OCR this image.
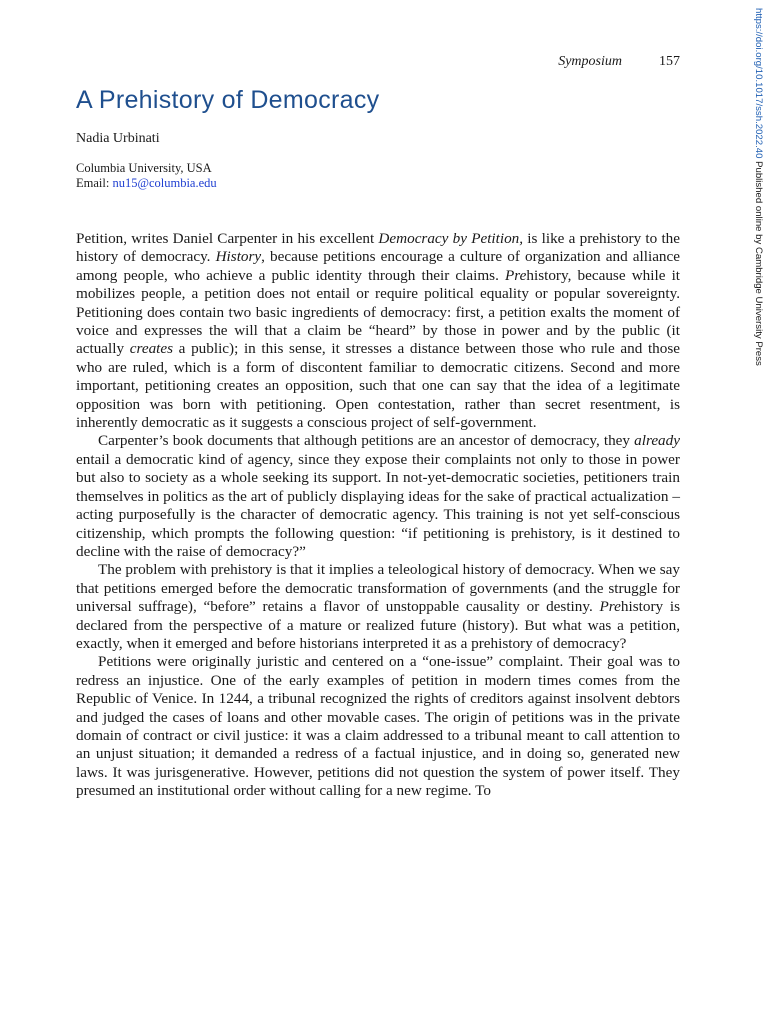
https://doi.org/10.1017/ssh.2022.40 Published online by Cambridge University Press
Symposium	157
A Prehistory of Democracy
Nadia Urbinati
Columbia University, USA
Email: nu15@columbia.edu

Petition, writes Daniel Carpenter in his excellent Democracy by Petition, is like a prehistory to the history of democracy. History, because petitions encourage a culture of organization and alliance among people, who achieve a public identity through their claims. Prehistory, because while it mobilizes people, a petition does not entail or require political equality or popular sovereignty. Petitioning does contain two basic ingredients of democracy: first, a petition exalts the moment of voice and expresses the will that a claim be “heard” by those in power and by the public (it actually creates a public); in this sense, it stresses a distance between those who rule and those who are ruled, which is a form of discontent familiar to democratic citizens. Second and more important, petitioning creates an opposition, such that one can say that the idea of a legitimate opposition was born with petitioning. Open contestation, rather than secret resentment, is inherently democratic as it suggests a conscious project of self-government.

Carpenter’s book documents that although petitions are an ancestor of democracy, they already entail a democratic kind of agency, since they expose their complaints not only to those in power but also to society as a whole seeking its support. In not-yet-democratic societies, petitioners train themselves in politics as the art of publicly displaying ideas for the sake of practical actualization – acting purposefully is the character of democratic agency. This training is not yet self-conscious citizenship, which prompts the following question: “if petitioning is prehistory, is it destined to decline with the raise of democracy?”

The problem with prehistory is that it implies a teleological history of democracy. When we say that petitions emerged before the democratic transformation of governments (and the struggle for universal suffrage), “before” retains a flavor of unstoppable causality or destiny. Prehistory is declared from the perspective of a mature or realized future (history). But what was a petition, exactly, when it emerged and before historians interpreted it as a prehistory of democracy?

Petitions were originally juristic and centered on a “one-issue” complaint. Their goal was to redress an injustice. One of the early examples of petition in modern times comes from the Republic of Venice. In 1244, a tribunal recognized the rights of creditors against insolvent debtors and judged the cases of loans and other movable cases. The origin of petitions was in the private domain of contract or civil justice: it was a claim addressed to a tribunal meant to call attention to an unjust situation; it demanded a redress of a factual injustice, and in doing so, generated new laws. It was jurisgenerative. However, petitions did not question the system of power itself. They presumed an institutional order without calling for a new regime. To
